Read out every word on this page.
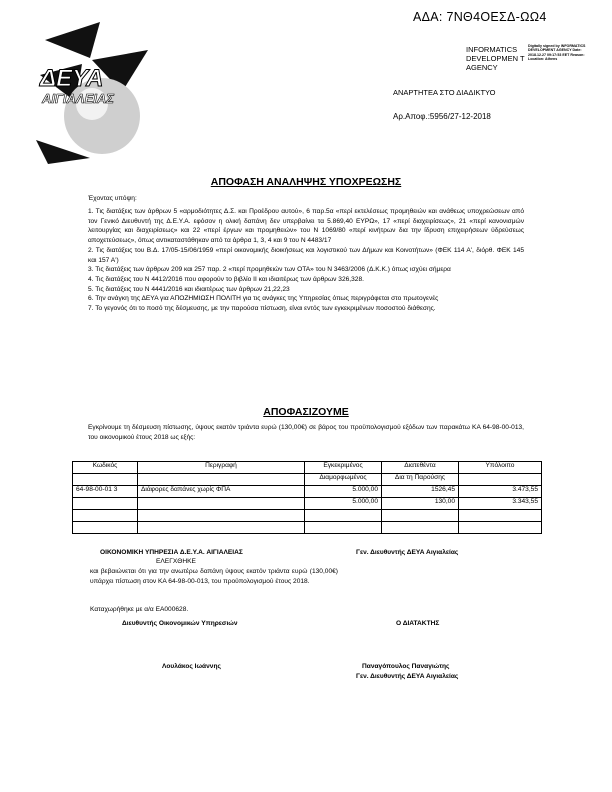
ΑΔΑ: 7ΝΘ4ΟΕΣΔ-ΩΩ4
ΔΕΥΑ
ΑΙΓΙΑΛΕΙΑΣ
INFORMATICS DEVELOPMEN T AGENCY
Digitally signed by INFORMATICS DEVELOPMENT AGENCY Date: 2018.12.27 09:17:53 EET Reason: Location: Athens
ΑΝΑΡΤΗΤΕΑ ΣΤΟ ΔΙΑΔΙΚΤΥΟ
Αρ.Αποφ.:5956/27-12-2018
ΑΠΟΦΑΣΗ ΑΝΑΛΗΨΗΣ ΥΠΟΧΡΕΩΣΗΣ
Έχοντας υπόψη:
1. Τις διατάξεις των άρθρων 5 «αρμοδιότητες Δ.Σ. και Προέδρου αυτού», 6 παρ.5α «περί εκτελέσεως προμηθειών και ανάθεως υποχρεώσεων από τον Γενικό Διευθυντή της Δ.Ε.Υ.Α. εφόσον η ολική δαπάνη δεν υπερβαίνει τα 5.869,40 ΕΥΡΩ», 17 «περί διαχειρίσεως», 21 «περί κανονισμών λειτουργίας και διαχειρίσεως» και 22 «περί έργων και προμηθειών» του Ν 1069/80 «περί κινήτρων δια την ίδρυση επιχειρήσεων ύδρεύσεως αποχετεύσεως», όπως αντικαταστάθηκαν από τα άρθρα 1, 3, 4 και 9 του Ν 4483/17
2. Τις διατάξεις του Β.Δ. 17/05-15/06/1959 «περί οικονομικής διοικήσεως και λογιστικού των Δήμων και Κοινοτήτων» (ΦΕΚ 114 Α', διόρθ. ΦΕΚ 145 και 157 Α')
3. Τις διατάξεις των άρθρων 209 και 257 παρ. 2 «περί προμηθειών των ΟΤΑ» του Ν 3463/2006 (Δ.Κ.Κ.) όπως ισχύει σήμερα
4. Τις διατάξεις του Ν 4412/2016 που αφορούν το βιβλίο ΙΙ και ιδιαιτέρως των άρθρων 326,328.
5. Τις διατάξεις του Ν 4441/2016 και ιδιαιτέρως των άρθρων 21,22,23
6. Την ανάγκη της ΔΕΥΑ για ΑΠΟΖΗΜΙΩΣΗ ΠΟΛΙΤΗ για τις ανάγκες της Υπηρεσίας όπως περιγράφεται στο πρωτογενές
7. Το γεγονός ότι το ποσό της δέσμευσης, με την παρούσα πίστωση, είναι εντός των εγκεκριμένων ποσοστού διάθεσης.
ΑΠΟΦΑΣΙΖΟΥΜΕ
Εγκρίνουμε τη δέσμευση πίστωσης, ύψους εκατόν τριάντα ευρώ (130,00€) σε βάρος του προϋπολογισμού εξόδων των παρακάτω ΚΑ 64-98-00-013, του οικονομικού έτους 2018 ως εξής:
Κωδικός	Περιγραφή	Εγκεκριμένος	Διατεθέντα	Υπόλοιπο
		Διαμορφωμένος	Δια τη Παρούσης	
64-98-00-01 3	Διάφορες δαπάνες χωρίς ΦΠΑ	5.000,00	1526,45	3.473,55
		5.000,00	130,00	3.343,55

ΟΙΚΟΝΟΜΙΚΗ ΥΠΗΡΕΣΙΑ Δ.Ε.Υ.Α. ΑΙΓΙΑΛΕΙΑΣ
ΕΛΕΓΧΘΗΚΕ
και βεβαιώνεται ότι για την ανωτέρω δαπάνη ύψους εκατόν τριάντα ευρώ (130,00€) υπάρχει πίστωση στον ΚΑ 64-98-00-013, του προϋπολογισμού έτους 2018.
Καταχωρήθηκε με α/α ΕΑ000628.
Διευθυντής Οικονομικών Υπηρεσιών
Λουλάκος Ιωάννης
Γεν. Διευθυντής ΔΕΥΑ Αιγιαλείας
Ο ΔΙΑΤΑΚΤΗΣ
Παναγόπουλος Παναγιώτης
Γεν. Διευθυντής ΔΕΥΑ Αιγιαλείας
